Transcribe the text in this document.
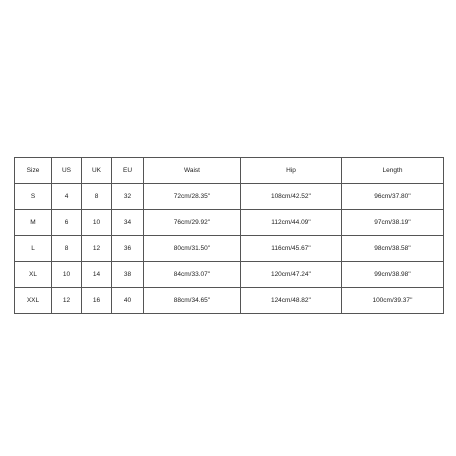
Size	US	UK	EU	Waist	Hip	Length
S	4	8	32	72cm/28.35''	108cm/42.52''	96cm/37.80''
M	6	10	34	76cm/29.92''	112cm/44.09''	97cm/38.19''
L	8	12	36	80cm/31.50''	116cm/45.67''	98cm/38.58''
XL	10	14	38	84cm/33.07''	120cm/47.24''	99cm/38.98''
XXL	12	16	40	88cm/34.65''	124cm/48.82''	100cm/39.37''
